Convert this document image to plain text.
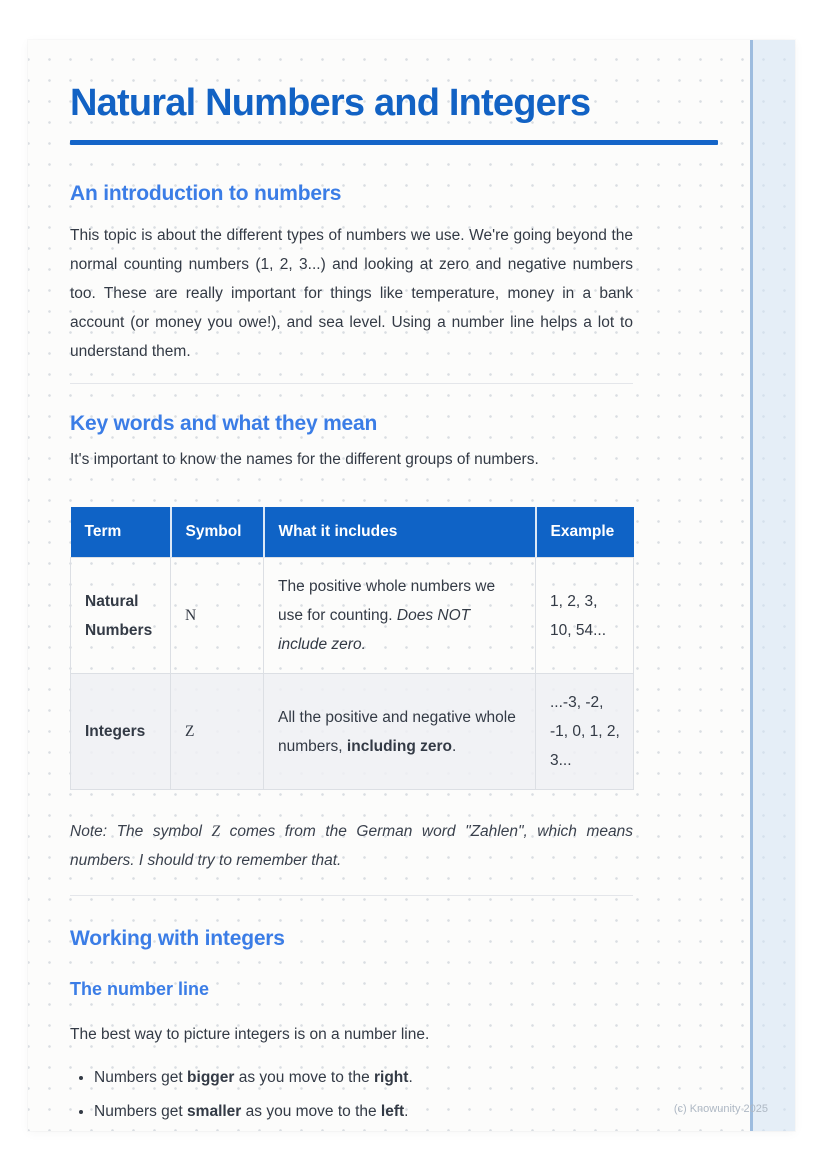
Natural Numbers and Integers
An introduction to numbers

This topic is about the different types of numbers we use. We're going beyond the normal counting numbers (1, 2, 3...) and looking at zero and negative numbers too. These are really important for things like temperature, money in a bank account (or money you owe!), and sea level. Using a number line helps a lot to understand them.

Key words and what they mean

It's important to know the names for the different groups of numbers.

Term	Symbol	What it includes	Example
Natural Numbers	N	The positive whole numbers we use for counting. Does NOT include zero.	1, 2, 3, 10, 54...
Integers	Z	All the positive and negative whole numbers, including zero.	...-3, -2, -1, 0, 1, 2, 3...

Note: The symbol Z comes from the German word "Zahlen", which means numbers. I should try to remember that.

Working with integers
The number line

The best way to picture integers is on a number line.

• Numbers get bigger as you move to the right.
• Numbers get smaller as you move to the left.	(c) Knowunity 2025
